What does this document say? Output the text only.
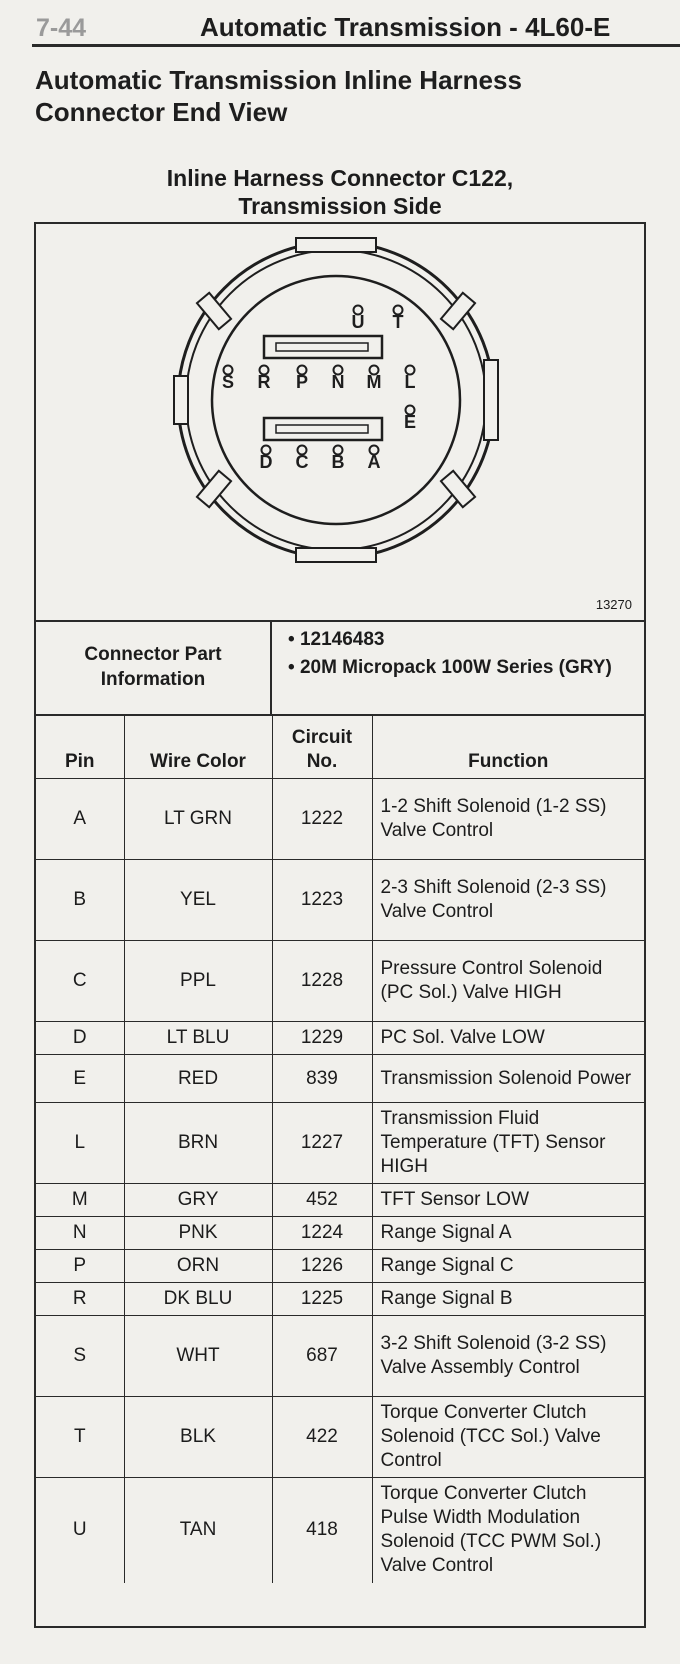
7-44	Automatic Transmission - 4L60-E
Automatic Transmission Inline Harness Connector End View
Inline Harness Connector C122,
Transmission Side
U T
S R P N M L
E
D C B A
13270
Connector Part Information
• 12146483
• 20M Micropack 100W Series (GRY)
Pin	Wire Color	Circuit No.	Function
A	LT GRN	1222	1-2 Shift Solenoid (1-2 SS) Valve Control
B	YEL	1223	2-3 Shift Solenoid (2-3 SS) Valve Control
C	PPL	1228	Pressure Control Solenoid (PC Sol.) Valve HIGH
D	LT BLU	1229	PC Sol. Valve LOW
E	RED	839	Transmission Solenoid Power
L	BRN	1227	Transmission Fluid Temperature (TFT) Sensor HIGH
M	GRY	452	TFT Sensor LOW
N	PNK	1224	Range Signal A
P	ORN	1226	Range Signal C
R	DK BLU	1225	Range Signal B
S	WHT	687	3-2 Shift Solenoid (3-2 SS) Valve Assembly Control
T	BLK	422	Torque Converter Clutch Solenoid (TCC Sol.) Valve Control
U	TAN	418	Torque Converter Clutch Pulse Width Modulation Solenoid (TCC PWM Sol.) Valve Control
